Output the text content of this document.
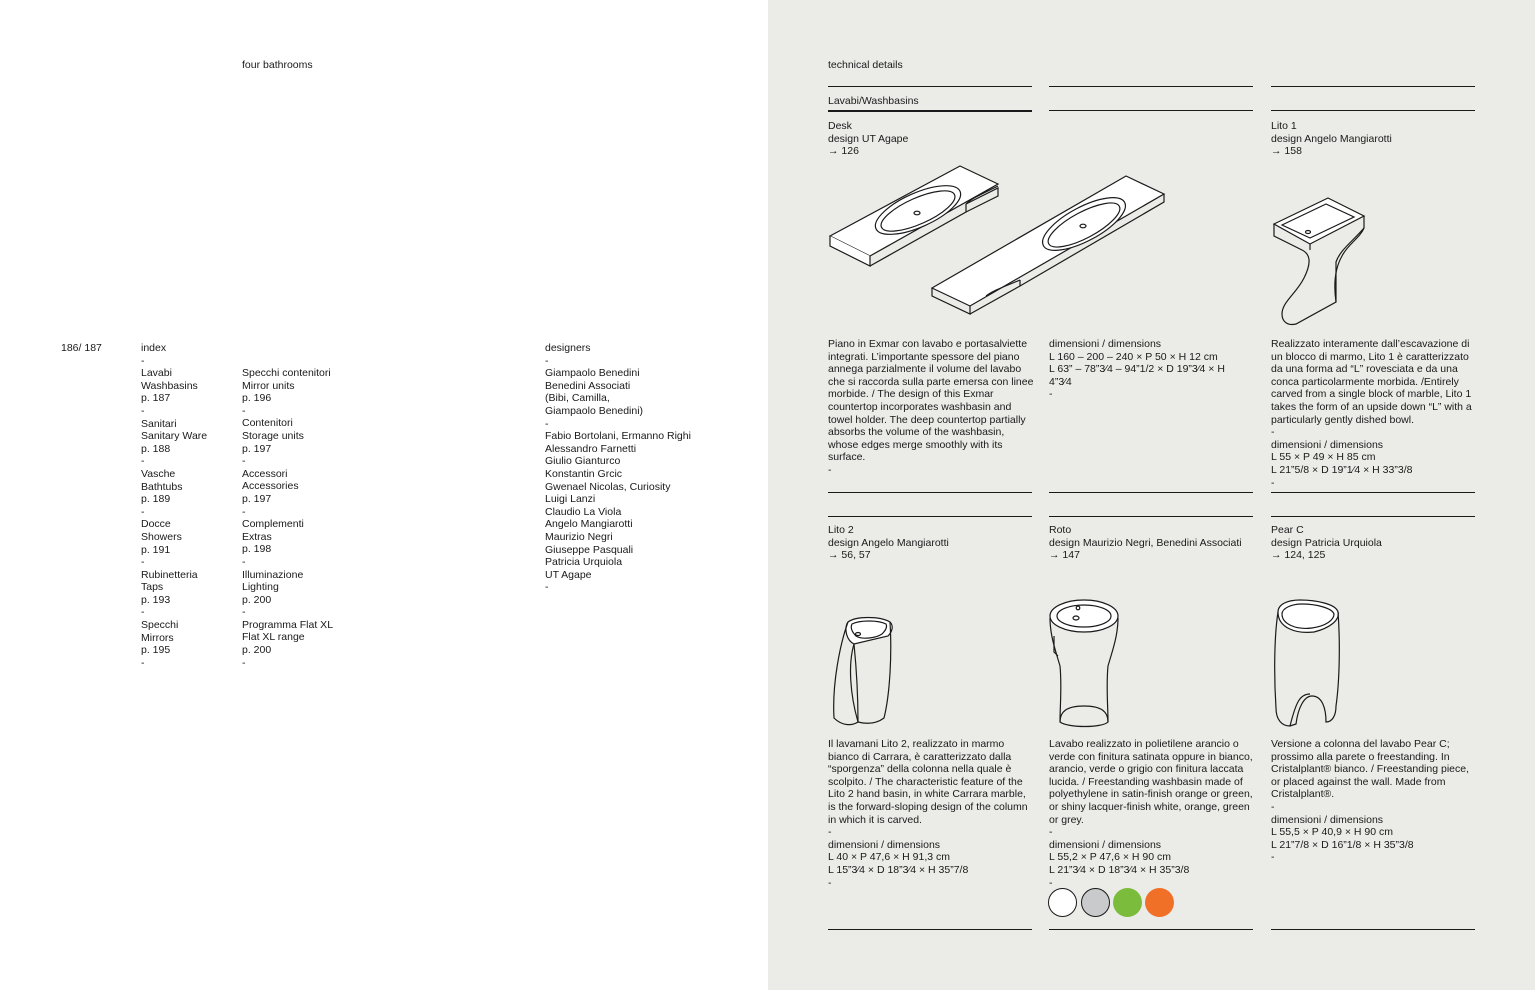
four bathrooms
186/ 187	index
-
Lavabi
Washbasins
p. 187
-
Sanitari
Sanitary Ware
p. 188
-
Vasche
Bathtubs
p. 189
-
Docce
Showers
p. 191
-
Rubinetteria
Taps
p. 193
-
Specchi
Mirrors
p. 195
-
Specchi contenitori
Mirror units
p. 196
-
Contenitori
Storage units
p. 197
-
Accessori
Accessories
p. 197
-
Complementi
Extras
p. 198
-
Illuminazione
Lighting
p. 200
-
Programma Flat XL
Flat XL range
p. 200
-
designers
-
Giampaolo Benedini
Benedini Associati
(Bibi, Camilla,
Giampaolo Benedini)
-
Fabio Bortolani, Ermanno Righi
Alessandro Farnetti
Giulio Gianturco
Konstantin Grcic
Gwenael Nicolas, Curiosity
Luigi Lanzi
Claudio La Viola
Angelo Mangiarotti
Maurizio Negri
Giuseppe Pasquali
Patricia Urquiola
UT Agape
-
technical details
Lavabi/Washbasins
Desk
design UT Agape
→ 126
Lito 1
design Angelo Mangiarotti
→ 158
Piano in Exmar con lavabo e portasalviette integrati. L’importante spessore del piano annega parzialmente il volume del lavabo che si raccorda sulla parte emersa con linee morbide. / The design of this Exmar countertop incorporates washbasin and towel holder. The deep countertop partially absorbs the volume of the washbasin, whose edges merge smoothly with its surface.
-
dimensioni / dimensions
L 160 – 200 – 240 × P 50 × H 12 cm
L 63” – 78”3⁄4 – 94”1/2 × D 19”3⁄4 × H 4”3⁄4
-
Realizzato interamente dall’escavazione di un blocco di marmo, Lito 1 è caratterizzato da una forma ad “L” rovesciata e da una conca particolarmente morbida. /Entirely carved from a single block of marble, Lito 1 takes the form of an upside down “L” with a particularly gently dished bowl.
-
dimensioni / dimensions
L 55 × P 49 × H 85 cm
L 21”5/8 × D 19”1⁄4 × H 33”3/8
-
Lito 2
design Angelo Mangiarotti
→ 56, 57
Roto
design Maurizio Negri, Benedini Associati
→ 147
Pear C
design Patricia Urquiola
→ 124, 125
Il lavamani Lito 2, realizzato in marmo bianco di Carrara, è caratterizzato dalla “sporgenza” della colonna nella quale è scolpito. / The characteristic feature of the Lito 2 hand basin, in white Carrara marble, is the forward-sloping design of the column in which it is carved.
-
dimensioni / dimensions
L 40 × P 47,6 × H 91,3 cm
L 15”3⁄4 × D 18”3⁄4 × H 35”7/8
-
Lavabo realizzato in polietilene arancio o verde con finitura satinata oppure in bianco, arancio, verde o grigio con finitura laccata lucida. / Freestanding washbasin made of polyethylene in satin-finish orange or green, or shiny lacquer-finish white, orange, green or grey.
-
dimensioni / dimensions
L 55,2 × P 47,6 × H 90 cm
L 21”3⁄4 × D 18”3⁄4 × H 35”3/8
-
Versione a colonna del lavabo Pear C; prossimo alla parete o freestanding. In Cristalplant® bianco. / Freestanding piece, or placed against the wall. Made from Cristalplant®.
-
dimensioni / dimensions
L 55,5 × P 40,9 × H 90 cm
L 21”7/8 × D 16”1/8 × H 35”3/8
-
